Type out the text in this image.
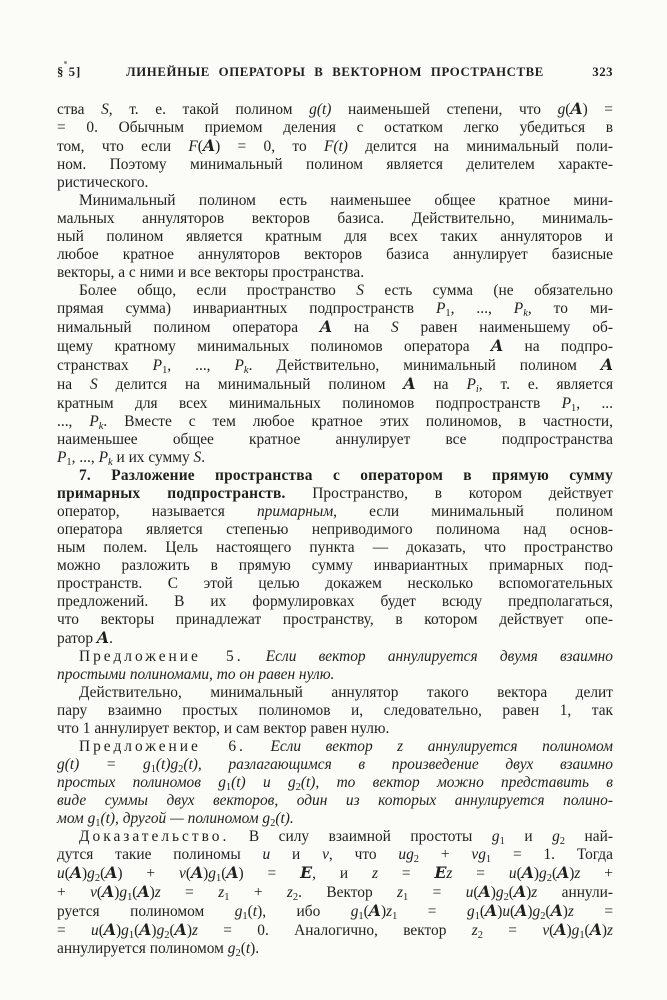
§ 5]	ЛИНЕЙНЫЕ ОПЕРАТОРЫ В ВЕКТОРНОМ ПРОСТРАНСТВЕ	323
ства S, т. е. такой полином g(t) наименьшей степени, что g(A) =
= 0. Обычным приемом деления с остатком легко убедиться в
том, что если F(A) = 0, то F(t) делится на минимальный поли-
ном. Поэтому минимальный полином является делителем характе-
ристического.
Минимальный полином есть наименьшее общее кратное мини-
мальных аннуляторов векторов базиса. Действительно, минималь-
ный полином является кратным для всех таких аннуляторов и
любое кратное аннуляторов векторов базиса аннулирует базисные
векторы, а с ними и все векторы пространства.
Более общо, если пространство S есть сумма (не обязательно
прямая сумма) инвариантных подпространств $P_1$, ..., $P_k$, то ми-
нимальный полином оператора A на S равен наименьшему об-
щему кратному минимальных полиномов оператора A на подпро-
странствах $P_1$, ..., $P_k$. Действительно, минимальный полином A
на S делится на минимальный полином A на $P_i$, т. е. является
кратным для всех минимальных полиномов подпространств $P_1$, ...
..., $P_k$. Вместе с тем любое кратное этих полиномов, в частности,
наименьшее общее кратное аннулирует все подпространства
$P_1$, ..., $P_k$ и их сумму S.
7. Разложение пространства с оператором в прямую сумму
примарных подпространств. Пространство, в котором действует
оператор, называется примарным, если минимальный полином
оператора является степенью неприводимого полинома над основ-
ным полем. Цель настоящего пункта — доказать, что пространство
можно разложить в прямую сумму инвариантных примарных под-
пространств. С этой целью докажем несколько вспомогательных
предложений. В их формулировках будет всюду предполагаться,
что векторы принадлежат пространству, в котором действует опе-
ратор A.
Предложение 5. Если вектор аннулируется двумя взаимно
простыми полиномами, то он равен нулю.
Действительно, минимальный аннулятор такого вектора делит
пару взаимно простых полиномов и, следовательно, равен 1, так
что 1 аннулирует вектор, и сам вектор равен нулю.
Предложение 6. Если вектор z аннулируется полиномом
$g(t) = g_1(t)g_2(t)$, разлагающимся в произведение двух взаимно
простых полиномов $g_1(t)$ и $g_2(t)$, то вектор можно представить в
виде суммы двух векторов, один из которых аннулируется полино-
мом $g_1(t)$, другой — полиномом $g_2(t)$.
Доказательство. В силу взаимной простоты $g_1$ и $g_2$ най-
дутся такие полиномы u и v, что $ug_2 + vg_1 = 1$. Тогда
$u(A)g_2(A) + v(A)g_1(A) = E$, и $z = Ez = u(A)g_2(A)z$ +
+ $v(A)g_1(A)z = z_1 + z_2$. Вектор $z_1 = u(A)g_2(A)z$ аннули-
руется полиномом $g_1(t)$, ибо $g_1(A)z_1 = g_1(A)u(A)g_2(A)z$ =
= $u(A)g_1(A)g_2(A)z = 0$. Аналогично, вектор $z_2 = v(A)g_1(A)z$
аннулируется полиномом $g_2(t)$.
